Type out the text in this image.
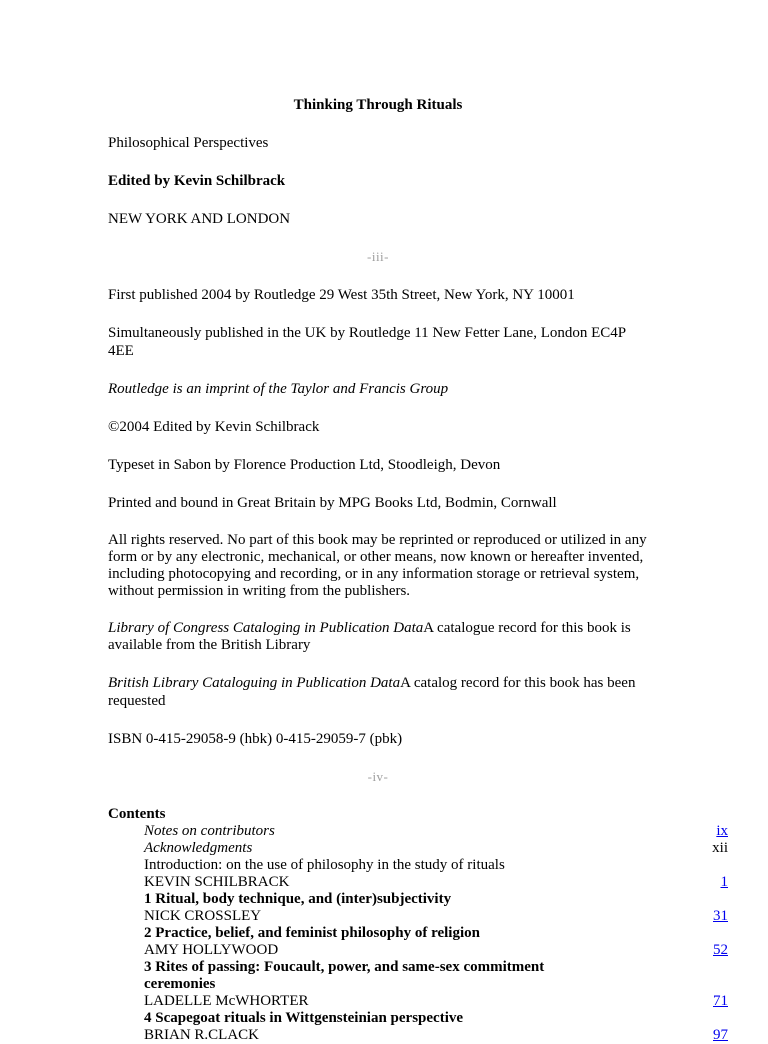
Thinking Through Rituals

Philosophical Perspectives

Edited by Kevin Schilbrack

NEW YORK AND LONDON

-iii-

First published 2004 by Routledge 29 West 35th Street, New York, NY 10001

Simultaneously published in the UK by Routledge 11 New Fetter Lane, London EC4P 4EE

Routledge is an imprint of the Taylor and Francis Group

©2004 Edited by Kevin Schilbrack

Typeset in Sabon by Florence Production Ltd, Stoodleigh, Devon

Printed and bound in Great Britain by MPG Books Ltd, Bodmin, Cornwall

All rights reserved. No part of this book may be reprinted or reproduced or utilized in any form or by any electronic, mechanical, or other means, now known or hereafter invented, including photocopying and recording, or in any information storage or retrieval system, without permission in writing from the publishers.

Library of Congress Cataloging in Publication DataA catalogue record for this book is available from the British Library

British Library Cataloguing in Publication DataA catalog record for this book has been requested

ISBN 0-415-29058-9 (hbk) 0-415-29059-7 (pbk)

-iv-
Contents
Notes on contributors	ix
Acknowledgments	xii
Introduction: on the use of philosophy in the study of rituals
KEVIN SCHILBRACK	1
1 Ritual, body technique, and (inter)subjectivity
NICK CROSSLEY	31
2 Practice, belief, and feminist philosophy of religion
AMY HOLLYWOOD	52
3 Rites of passing: Foucault, power, and same-sex commitment ceremonies
LADELLE McWHORTER	71
4 Scapegoat rituals in Wittgensteinian perspective
BRIAN R.CLACK	97
